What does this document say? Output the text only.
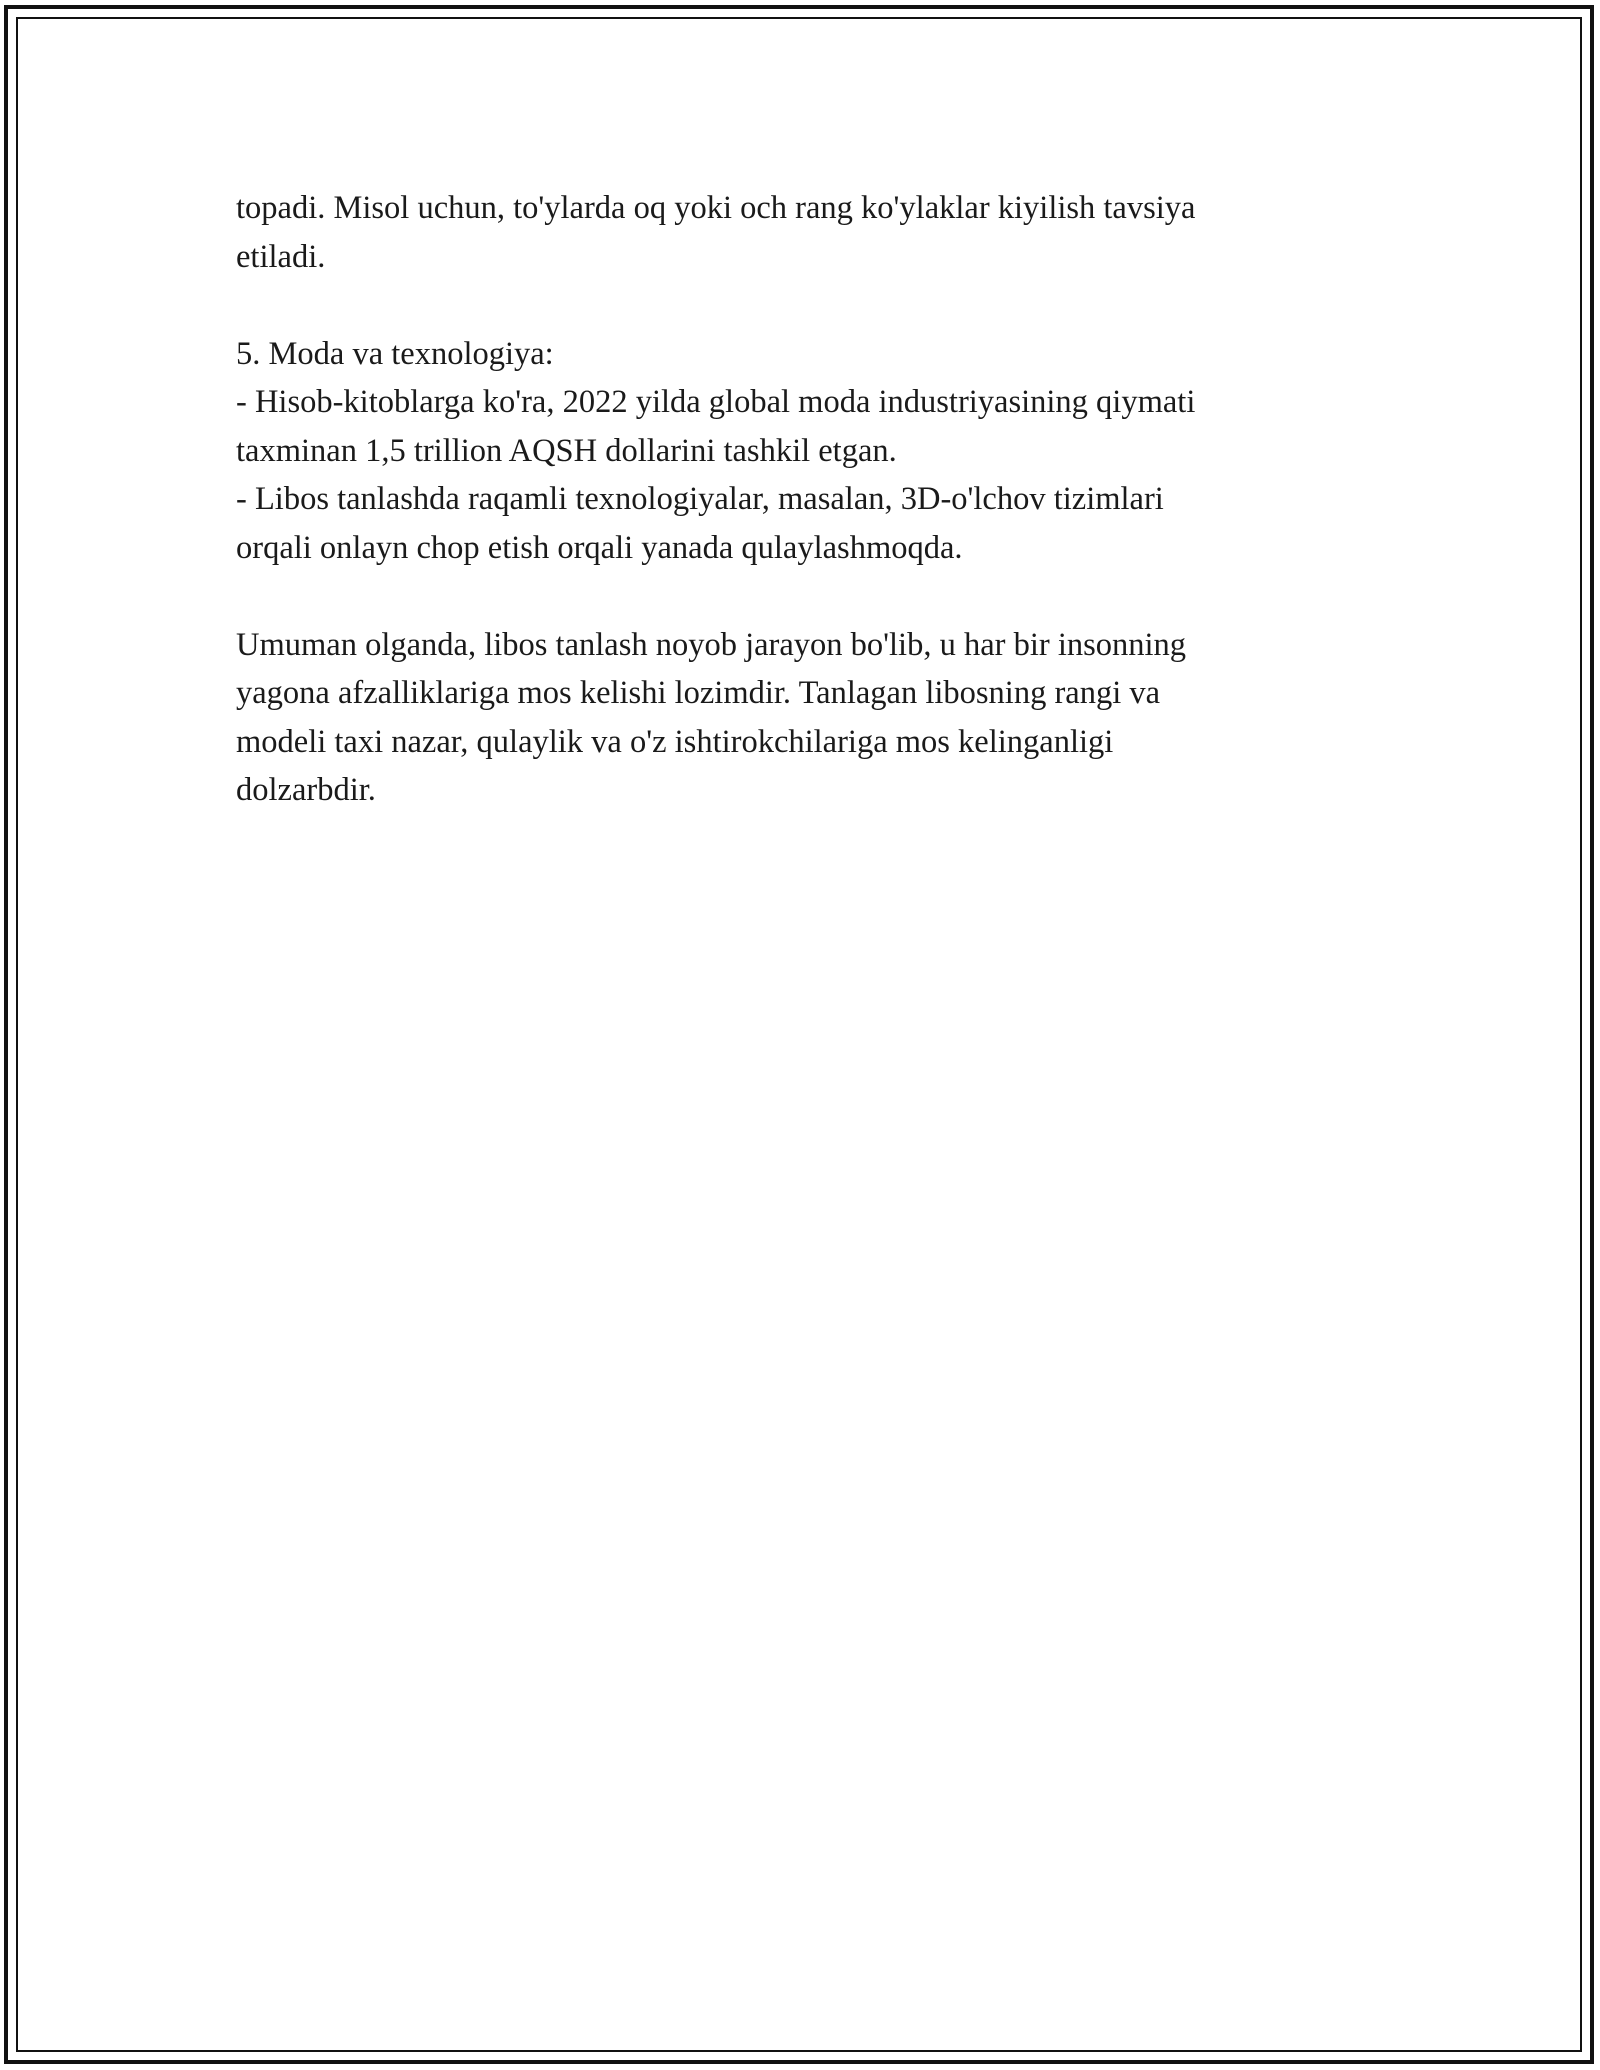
topadi. Misol uchun, to'ylarda oq yoki och rang ko'ylaklar kiyilish tavsiya

etiladi.

5. Moda va texnologiya:

- Hisob-kitoblarga ko'ra, 2022 yilda global moda industriyasining qiymati

taxminan 1,5 trillion AQSH dollarini tashkil etgan.

- Libos tanlashda raqamli texnologiyalar, masalan, 3D-o'lchov tizimlari

orqali onlayn chop etish orqali yanada qulaylashmoqda.

Umuman olganda, libos tanlash noyob jarayon bo'lib, u har bir insonning

yagona afzalliklariga mos kelishi lozimdir. Tanlagan libosning rangi va

modeli taxi nazar, qulaylik va o'z ishtirokchilariga mos kelinganligi

dolzarbdir.
